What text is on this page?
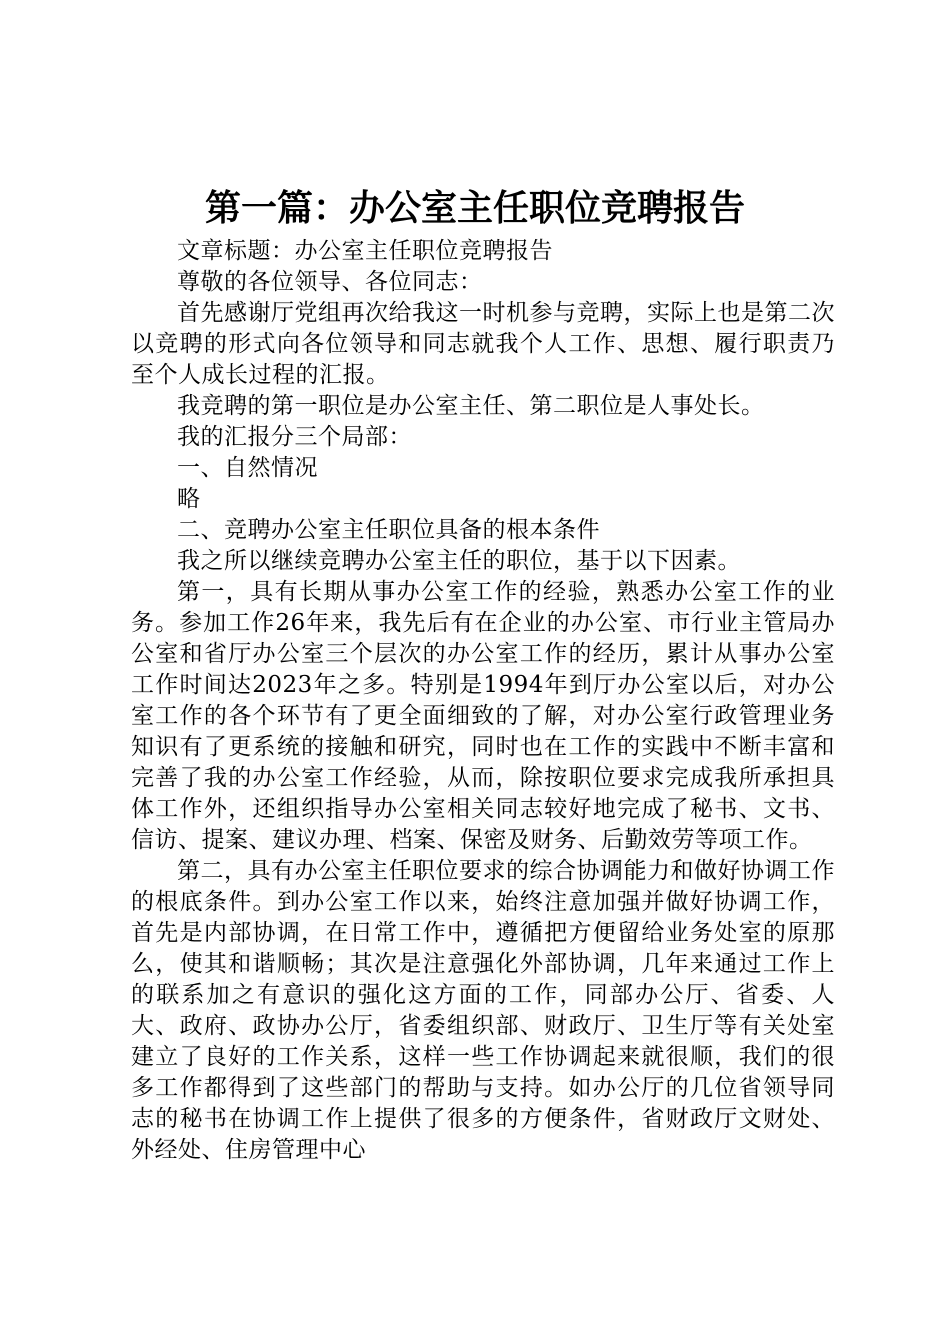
第一篇：办公室主任职位竞聘报告

文章标题：办公室主任职位竞聘报告

尊敬的各位领导、各位同志：

首先感谢厅党组再次给我这一时机参与竞聘，实际上也是第二次以竞聘的形式向各位领导和同志就我个人工作、思想、履行职责乃至个人成长过程的汇报。

我竞聘的第一职位是办公室主任、第二职位是人事处长。

我的汇报分三个局部：

一、自然情况

略

二、竞聘办公室主任职位具备的根本条件

我之所以继续竞聘办公室主任的职位，基于以下因素。

第一，具有长期从事办公室工作的经验，熟悉办公室工作的业务。参加工作26年来，我先后有在企业的办公室、市行业主管局办公室和省厅办公室三个层次的办公室工作的经历，累计从事办公室工作时间达2023年之多。特别是1994年到厅办公室以后，对办公室工作的各个环节有了更全面细致的了解，对办公室行政管理业务知识有了更系统的接触和研究，同时也在工作的实践中不断丰富和完善了我的办公室工作经验，从而，除按职位要求完成我所承担具体工作外，还组织指导办公室相关同志较好地完成了秘书、文书、信访、提案、建议办理、档案、保密及财务、后勤效劳等项工作。

第二，具有办公室主任职位要求的综合协调能力和做好协调工作的根底条件。到办公室工作以来，始终注意加强并做好协调工作，首先是内部协调，在日常工作中，遵循把方便留给业务处室的原那么，使其和谐顺畅；其次是注意强化外部协调，几年来通过工作上的联系加之有意识的强化这方面的工作，同部办公厅、省委、人大、政府、政协办公厅，省委组织部、财政厅、卫生厅等有关处室建立了良好的工作关系，这样一些工作协调起来就很顺，我们的很多工作都得到了这些部门的帮助与支持。如办公厅的几位省领导同志的秘书在协调工作上提供了很多的方便条件，省财政厅文财处、外经处、住房管理中心
